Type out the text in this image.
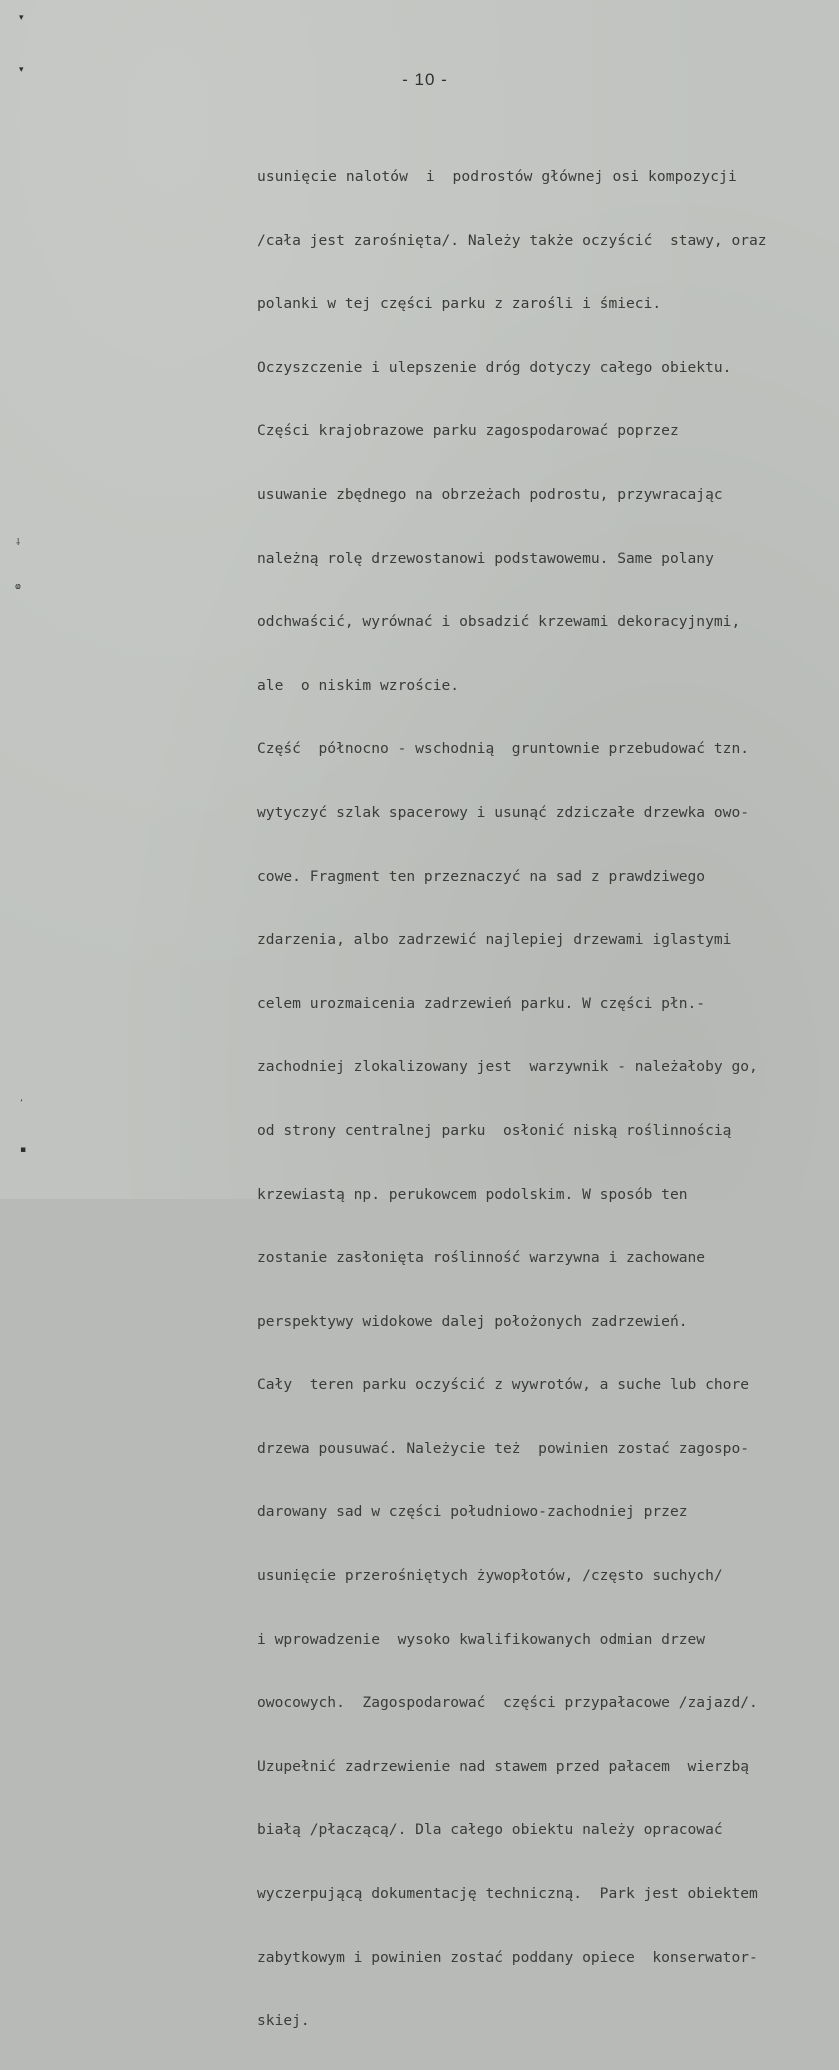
▾
▾
⸸
ⱷ
ʼ
▪
- 10 -

usunięcie nalotów  i  podrostów głównej osi kompozycji

/cała jest zarośnięta/. Należy także oczyścić  stawy, oraz

polanki w tej części parku z zarośli i śmieci.

Oczyszczenie i ulepszenie dróg dotyczy całego obiektu.

Części krajobrazowe parku zagospodarować poprzez

usuwanie zbędnego na obrzeżach podrostu, przywracając

należną rolę drzewostanowi podstawowemu. Same polany

odchwaścić, wyrównać i obsadzić krzewami dekoracyjnymi,

ale  o niskim wzroście.

Część  północno - wschodnią  gruntownie przebudować tzn.

wytyczyć szlak spacerowy i usunąć zdziczałe drzewka owo-

cowe. Fragment ten przeznaczyć na sad z prawdziwego

zdarzenia, albo zadrzewić najlepiej drzewami iglastymi

celem urozmaicenia zadrzewień parku. W części płn.-

zachodniej zlokalizowany jest  warzywnik - należałoby go,

od strony centralnej parku  osłonić niską roślinnością

krzewiastą np. perukowcem podolskim. W sposób ten

zostanie zasłonięta roślinność warzywna i zachowane

perspektywy widokowe dalej położonych zadrzewień.

Cały  teren parku oczyścić z wywrotów, a suche lub chore

drzewa pousuwać. Należycie też  powinien zostać zagospo-

darowany sad w części południowo-zachodniej przez

usunięcie przerośniętych żywopłotów, /często suchych/

i wprowadzenie  wysoko kwalifikowanych odmian drzew

owocowych.  Zagospodarować  części przypałacowe /zajazd/.

Uzupełnić zadrzewienie nad stawem przed pałacem  wierzbą

białą /płaczącą/. Dla całego obiektu należy opracować

wyczerpującą dokumentację techniczną.  Park jest obiektem

zabytkowym i powinien zostać poddany opiece  konserwator-

skiej.
